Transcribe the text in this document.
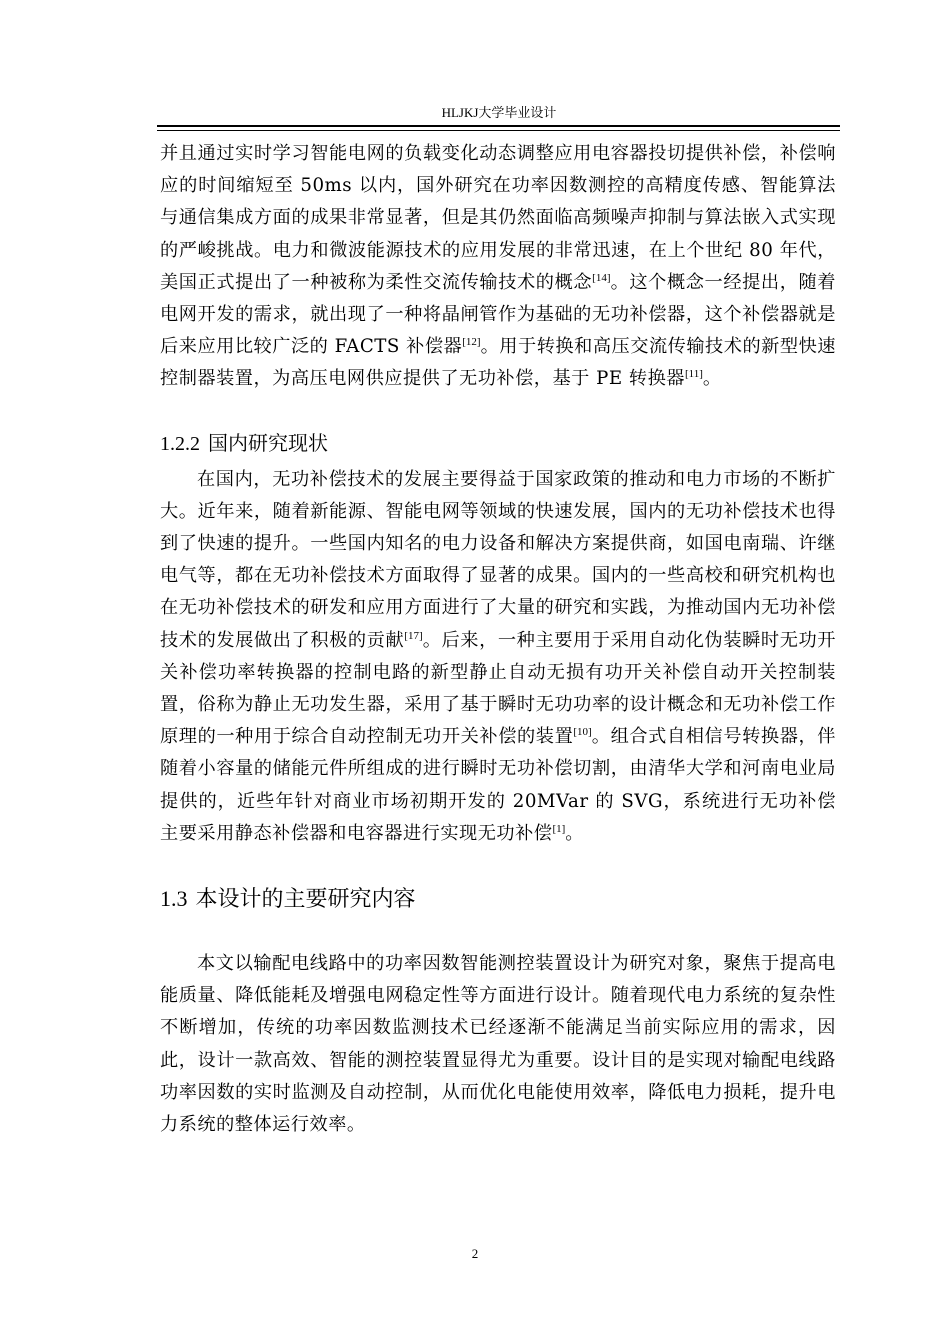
HLJKJ大学毕业设计

并且通过实时学习智能电网的负载变化动态调整应用电容器投切提供补偿，补偿响应的时间缩短至 50ms 以内，国外研究在功率因数测控的高精度传感、智能算法与通信集成方面的成果非常显著，但是其仍然面临高频噪声抑制与算法嵌入式实现的严峻挑战。电力和微波能源技术的应用发展的非常迅速，在上个世纪 80 年代，美国正式提出了一种被称为柔性交流传输技术的概念[14]。这个概念一经提出，随着电网开发的需求，就出现了一种将晶闸管作为基础的无功补偿器，这个补偿器就是后来应用比较广泛的 FACTS 补偿器[12]。用于转换和高压交流传输技术的新型快速控制器装置，为高压电网供应提供了无功补偿，基于 PE 转换器[11]。

1.2.2 国内研究现状

在国内，无功补偿技术的发展主要得益于国家政策的推动和电力市场的不断扩大。近年来，随着新能源、智能电网等领域的快速发展，国内的无功补偿技术也得到了快速的提升。一些国内知名的电力设备和解决方案提供商，如国电南瑞、许继电气等，都在无功补偿技术方面取得了显著的成果。国内的一些高校和研究机构也在无功补偿技术的研发和应用方面进行了大量的研究和实践，为推动国内无功补偿技术的发展做出了积极的贡献[17]。后来，一种主要用于采用自动化伪装瞬时无功开关补偿功率转换器的控制电路的新型静止自动无损有功开关补偿自动开关控制装置，俗称为静止无功发生器，采用了基于瞬时无功功率的设计概念和无功补偿工作原理的一种用于综合自动控制无功开关补偿的装置[10]。组合式自相信号转换器，伴随着小容量的储能元件所组成的进行瞬时无功补偿切割，由清华大学和河南电业局提供的，近些年针对商业市场初期开发的 20MVar 的 SVG，系统进行无功补偿主要采用静态补偿器和电容器进行实现无功补偿[1]。

1.3 本设计的主要研究内容

本文以输配电线路中的功率因数智能测控装置设计为研究对象，聚焦于提高电能质量、降低能耗及增强电网稳定性等方面进行设计。随着现代电力系统的复杂性不断增加，传统的功率因数监测技术已经逐渐不能满足当前实际应用的需求，因此，设计一款高效、智能的测控装置显得尤为重要。设计目的是实现对输配电线路功率因数的实时监测及自动控制，从而优化电能使用效率，降低电力损耗，提升电力系统的整体运行效率。

2
